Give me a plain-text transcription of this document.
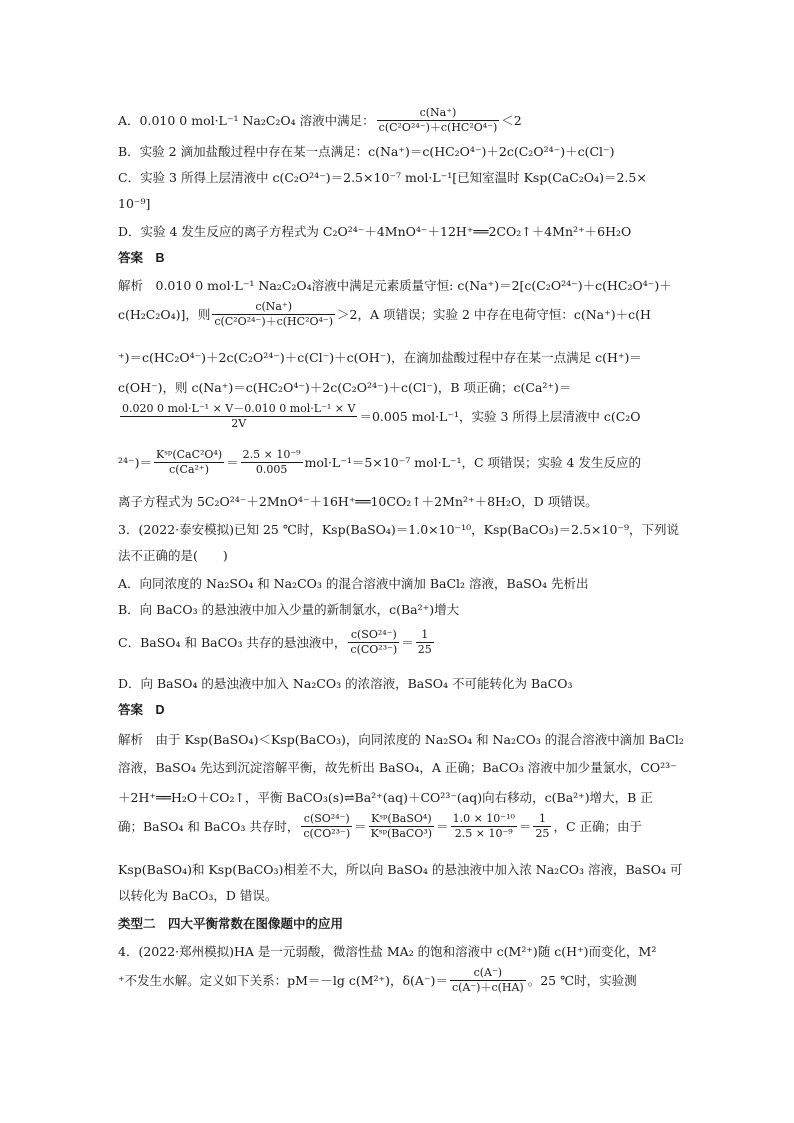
A．0.010 0 mol·L⁻¹ Na₂C₂O₄ 溶液中满足： $\frac{c(Na^+)}{\text{c(C²O²⁴⁻)＋c(HC²O⁴⁻)}} <2$
B．实验 2 滴加盐酸过程中存在某一点满足：c(Na⁺)＝c(HC₂O⁴⁻)＋2c(C₂O²⁴⁻)＋c(Cl⁻)
C．实验 3 所得上层清液中 c(C₂O²⁴⁻)＝2.5×10⁻⁷ mol·L⁻¹[已知室温时 Ksp(CaC₂O₄)＝2.5×
10⁻⁹]
D．实验 4 发生反应的离子方程式为 C₂O²⁴⁻＋4MnO⁴⁻＋12H⁺══2CO₂↑＋4Mn²⁺＋6H₂O
答案　B
解析　0.010 0 mol·L⁻¹ Na₂C₂O₄溶液中满足元素质量守恒: c(Na⁺)＝2[c(C₂O²⁴⁻)＋c(HC₂O⁴⁻)＋
c(H₂C₂O₄)]，则 $\frac{c(Na^+)}{\text{c(C²O²⁴⁻)＋c(HC²O⁴⁻)}} >2$，A 项错误；实验 2 中存在电荷守恒：c(Na⁺)＋c(H
⁺)＝c(HC₂O⁴⁻)＋2c(C₂O²⁴⁻)＋c(Cl⁻)＋c(OH⁻)，在滴加盐酸过程中存在某一点满足 c(H⁺)＝
c(OH⁻)，则 c(Na⁺)＝c(HC₂O⁴⁻)＋2c(C₂O²⁴⁻)＋c(Cl⁻)，B 项正确；c(Ca²⁺)＝
$\frac{\text{0.020 0 mol·L⁻¹ × V－0.010 0 mol·L⁻¹ × V}}{2V} =0.005$ mol·L⁻¹，实验 3 所得上层清液中 c(C₂O
$^{24-})= \frac{\text{Kˢᵖ(CaC²O⁴)}}{\text{c(Ca²⁺)}} = \frac{\text{2.5 × 10⁻⁹}}{0.005} mol\cdot L^{-1}=5\times 10^{-7}$ mol·L⁻¹，C 项错误；实验 4 发生反应的
离子方程式为 5C₂O²⁴⁻＋2MnO⁴⁻＋16H⁺══10CO₂↑＋2Mn²⁺＋8H₂O，D 项错误。
3．(2022·泰安模拟)已知 25 ℃时，Ksp(BaSO₄)＝1.0×10⁻¹⁰，Ksp(BaCO₃)＝2.5×10⁻⁹，下列说
法不正确的是(　　)
A．向同浓度的 Na₂SO₄ 和 Na₂CO₃ 的混合溶液中滴加 BaCl₂ 溶液，BaSO₄ 先析出
B．向 BaCO₃ 的悬浊液中加入少量的新制氯水，c(Ba²⁺)增大
C．BaSO₄ 和 BaCO₃ 共存的悬浊液中， $\frac{\text{c(SO²⁴⁻)}}{\text{c(CO²³⁻)}} = \frac{1}{25}$
D．向 BaSO₄ 的悬浊液中加入 Na₂CO₃ 的浓溶液，BaSO₄ 不可能转化为 BaCO₃
答案　D
解析　由于 Ksp(BaSO₄)＜Ksp(BaCO₃)，向同浓度的 Na₂SO₄ 和 Na₂CO₃ 的混合溶液中滴加 BaCl₂
溶液，BaSO₄ 先达到沉淀溶解平衡，故先析出 BaSO₄，A 正确；BaCO₃ 溶液中加少量氯水，CO²³⁻
＋2H⁺══H₂O＋CO₂↑，平衡 BaCO₃(s)⇌Ba²⁺(aq)＋CO²³⁻(aq)向右移动，c(Ba²⁺)增大，B 正
确；BaSO₄ 和 BaCO₃ 共存时， $\frac{\text{c(SO²⁴⁻)}}{\text{c(CO²³⁻)}} = \frac{\text{Kˢᵖ(BaSO⁴)}}{\text{Kˢᵖ(BaCO³)}} = \frac{\text{1.0 × 10⁻¹⁰}}{\text{2.5 × 10⁻⁹}} = \frac{1}{25}$ ，C 正确；由于
Ksp(BaSO₄)和 Ksp(BaCO₃)相差不大，所以向 BaSO₄ 的悬浊液中加入浓 Na₂CO₃ 溶液，BaSO₄ 可
以转化为 BaCO₃，D 错误。
类型二　四大平衡常数在图像题中的应用
4．(2022·郑州模拟)HA 是一元弱酸，微溶性盐 MA₂ 的饱和溶液中 c(M²⁺)随 c(H⁺)而变化，M²
⁺不发生水解。定义如下关系：pM＝－lg c(M²⁺)，$\delta(A^-)= \frac{c(A^-)}{c(A^-)+c(HA)}$ 。25 ℃时，实验测
